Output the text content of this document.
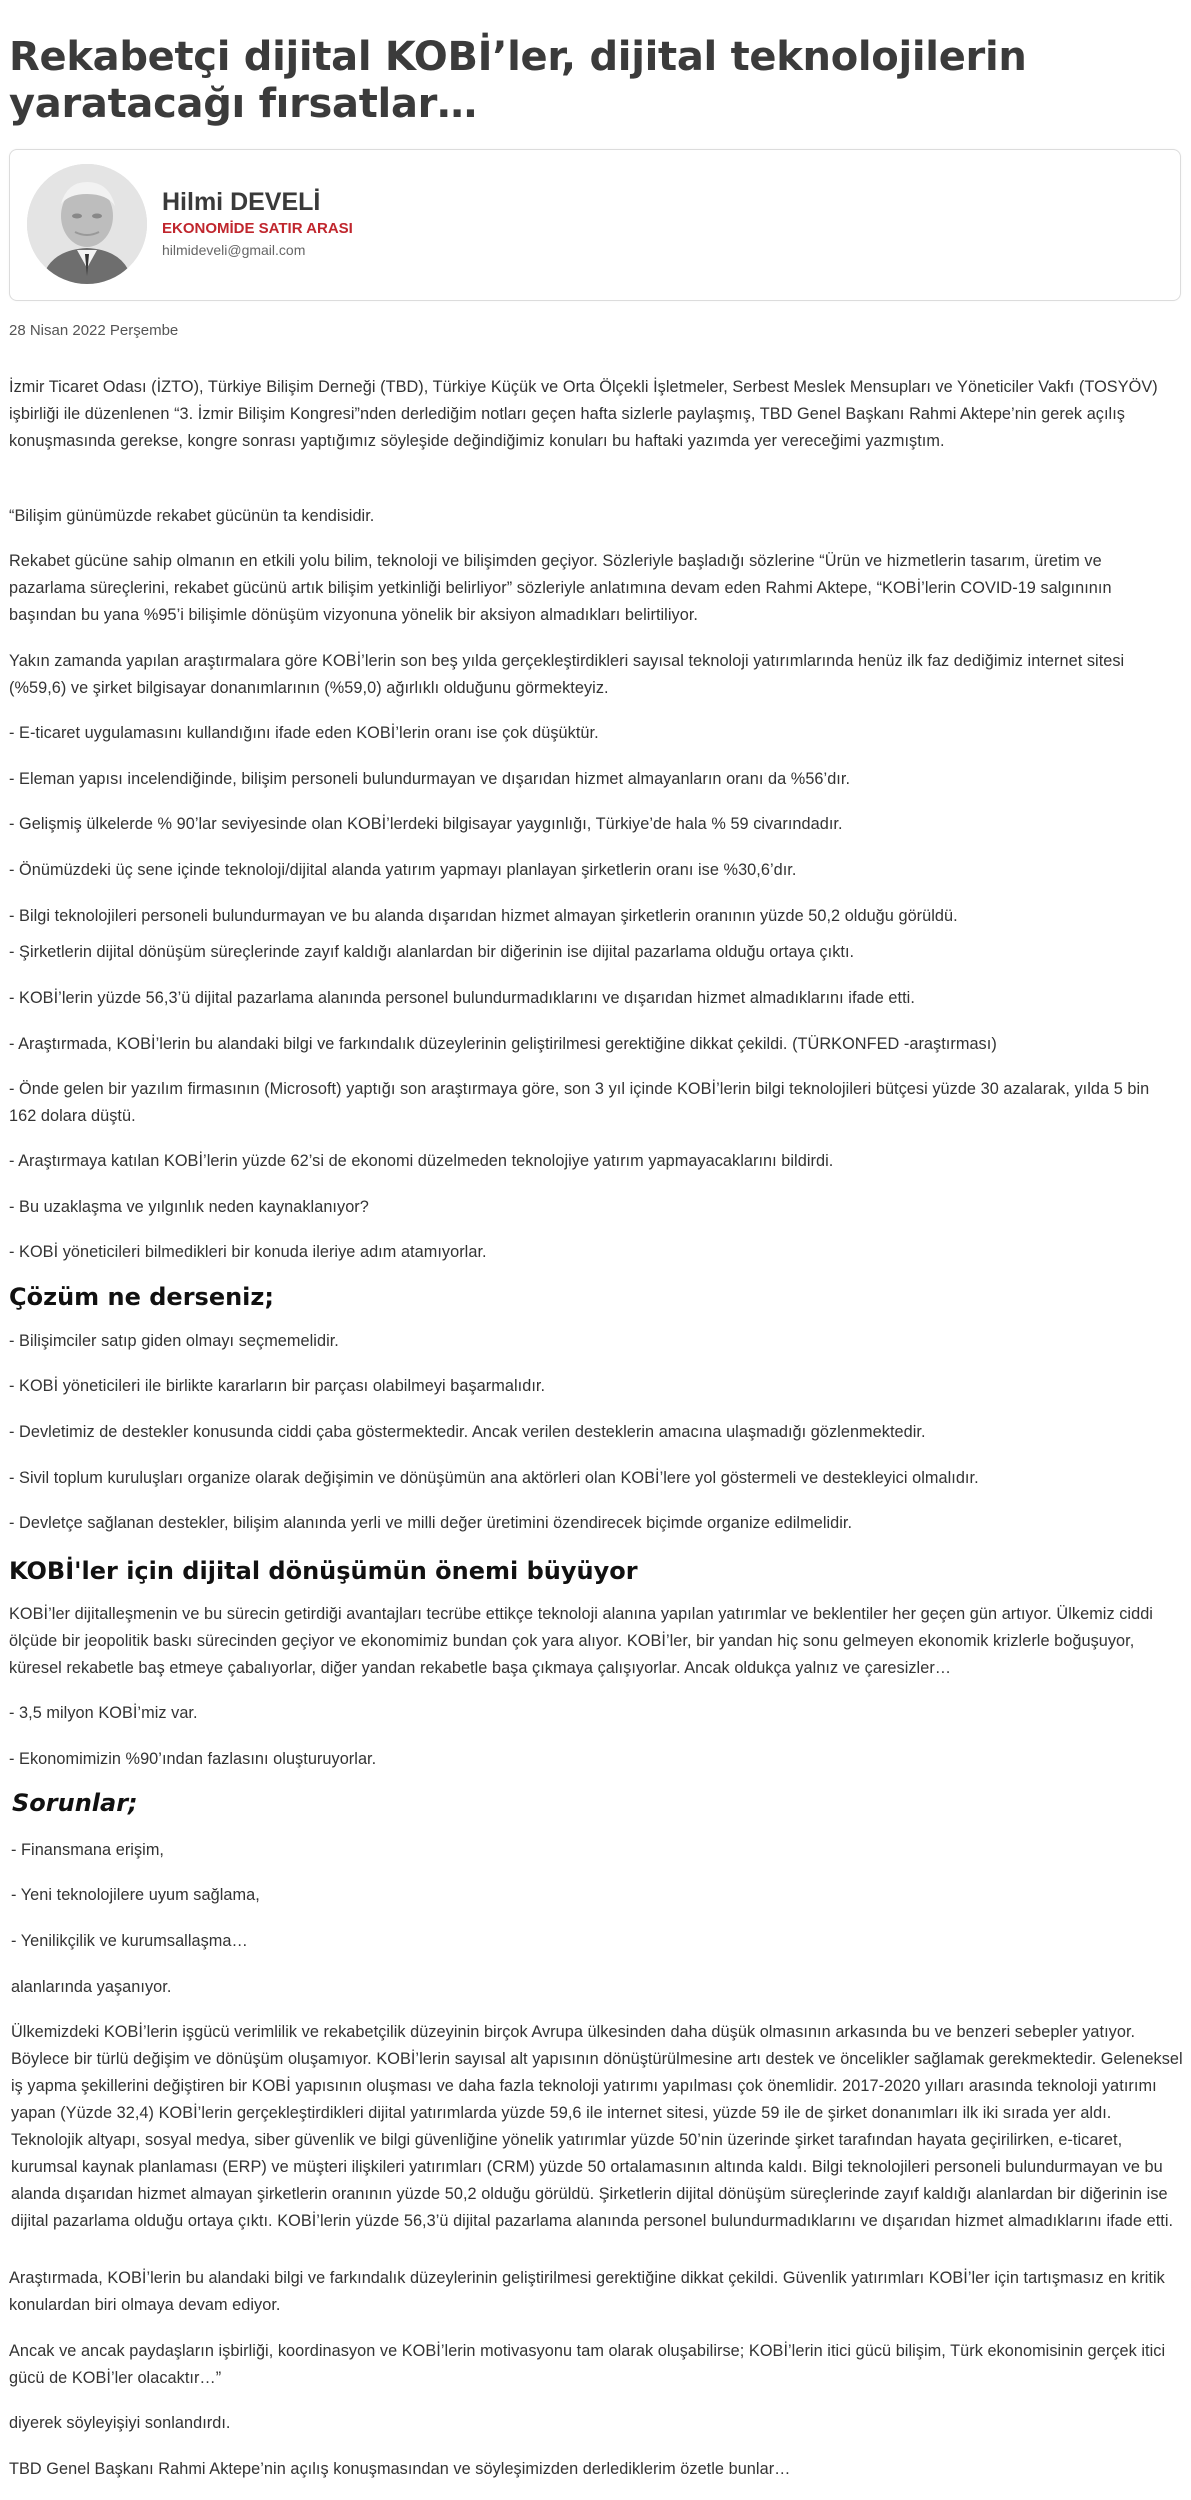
Rekabetçi dijital KOBİ’ler, dijital teknolojilerin yaratacağı fırsatlar…
Hilmi DEVELİ
EKONOMİDE SATIR ARASI
hilmideveli@gmail.com
28 Nisan 2022 Perşembe

İzmir Ticaret Odası (İZTO), Türkiye Bilişim Derneği (TBD), Türkiye Küçük ve Orta Ölçekli İşletmeler, Serbest Meslek Mensupları ve Yöneticiler Vakfı (TOSYÖV) işbirliği ile düzenlenen “3. İzmir Bilişim Kongresi”nden derlediğim notları geçen hafta sizlerle paylaşmış, TBD Genel Başkanı Rahmi Aktepe’nin gerek açılış konuşmasında gerekse, kongre sonrası yaptığımız söyleşide değindiğimiz konuları bu haftaki yazımda yer vereceğimi yazmıştım.

“Bilişim günümüzde rekabet gücünün ta kendisidir.

Rekabet gücüne sahip olmanın en etkili yolu bilim, teknoloji ve bilişimden geçiyor. Sözleriyle başladığı sözlerine “Ürün ve hizmetlerin tasarım, üretim ve pazarlama süreçlerini, rekabet gücünü artık bilişim yetkinliği belirliyor” sözleriyle anlatımına devam eden Rahmi Aktepe, “KOBİ’lerin COVID-19 salgınının başından bu yana %95’i bilişimle dönüşüm vizyonuna yönelik bir aksiyon almadıkları belirtiliyor.

Yakın zamanda yapılan araştırmalara göre KOBİ’lerin son beş yılda gerçekleştirdikleri sayısal teknoloji yatırımlarında henüz ilk faz dediğimiz internet sitesi (%59,6) ve şirket bilgisayar donanımlarının (%59,0) ağırlıklı olduğunu görmekteyiz.

- E-ticaret uygulamasını kullandığını ifade eden KOBİ’lerin oranı ise çok düşüktür.

- Eleman yapısı incelendiğinde, bilişim personeli bulundurmayan ve dışarıdan hizmet almayanların oranı da %56’dır.

- Gelişmiş ülkelerde % 90’lar seviyesinde olan KOBİ’lerdeki bilgisayar yaygınlığı, Türkiye’de hala % 59 civarındadır.

- Önümüzdeki üç sene içinde teknoloji/dijital alanda yatırım yapmayı planlayan şirketlerin oranı ise %30,6’dır.

- Bilgi teknolojileri personeli bulundurmayan ve bu alanda dışarıdan hizmet almayan şirketlerin oranının yüzde 50,2 olduğu görüldü.

- Şirketlerin dijital dönüşüm süreçlerinde zayıf kaldığı alanlardan bir diğerinin ise dijital pazarlama olduğu ortaya çıktı.

- KOBİ’lerin yüzde 56,3’ü dijital pazarlama alanında personel bulundurmadıklarını ve dışarıdan hizmet almadıklarını ifade etti.

- Araştırmada, KOBİ’lerin bu alandaki bilgi ve farkındalık düzeylerinin geliştirilmesi gerektiğine dikkat çekildi. (TÜRKONFED -araştırması)

- Önde gelen bir yazılım firmasının (Microsoft) yaptığı son araştırmaya göre, son 3 yıl içinde KOBİ’lerin bilgi teknolojileri bütçesi yüzde 30 azalarak, yılda 5 bin 162 dolara düştü.

- Araştırmaya katılan KOBİ’lerin yüzde 62’si de ekonomi düzelmeden teknolojiye yatırım yapmayacaklarını bildirdi.

- Bu uzaklaşma ve yılgınlık neden kaynaklanıyor?

- KOBİ yöneticileri bilmedikleri bir konuda ileriye adım atamıyorlar.

Çözüm ne derseniz;

- Bilişimciler satıp giden olmayı seçmemelidir.

- KOBİ yöneticileri ile birlikte kararların bir parçası olabilmeyi başarmalıdır.

- Devletimiz de destekler konusunda ciddi çaba göstermektedir. Ancak verilen desteklerin amacına ulaşmadığı gözlenmektedir.

- Sivil toplum kuruluşları organize olarak değişimin ve dönüşümün ana aktörleri olan KOBİ’lere yol göstermeli ve destekleyici olmalıdır.

- Devletçe sağlanan destekler, bilişim alanında yerli ve milli değer üretimini özendirecek biçimde organize edilmelidir.

KOBİ'ler için dijital dönüşümün önemi büyüyor

KOBİ’ler dijitalleşmenin ve bu sürecin getirdiği avantajları tecrübe ettikçe teknoloji alanına yapılan yatırımlar ve beklentiler her geçen gün artıyor. Ülkemiz ciddi ölçüde bir jeopolitik baskı sürecinden geçiyor ve ekonomimiz bundan çok yara alıyor. KOBİ’ler, bir yandan hiç sonu gelmeyen ekonomik krizlerle boğuşuyor, küresel rekabetle baş etmeye çabalıyorlar, diğer yandan rekabetle başa çıkmaya çalışıyorlar. Ancak oldukça yalnız ve çaresizler…

- 3,5 milyon KOBİ’miz var.

- Ekonomimizin %90’ından fazlasını oluşturuyorlar.

Sorunlar;

- Finansmana erişim,

- Yeni teknolojilere uyum sağlama,

- Yenilikçilik ve kurumsallaşma…

alanlarında yaşanıyor.

Ülkemizdeki KOBİ’lerin işgücü verimlilik ve rekabetçilik düzeyinin birçok Avrupa ülkesinden daha düşük olmasının arkasında bu ve benzeri sebepler yatıyor. Böylece bir türlü değişim ve dönüşüm oluşamıyor. KOBİ’lerin sayısal alt yapısının dönüştürülmesine artı destek ve öncelikler sağlamak gerekmektedir. Geleneksel iş yapma şekillerini değiştiren bir KOBİ yapısının oluşması ve daha fazla teknoloji yatırımı yapılması çok önemlidir. 2017-2020 yılları arasında teknoloji yatırımı yapan (Yüzde 32,4) KOBİ’lerin gerçekleştirdikleri dijital yatırımlarda yüzde 59,6 ile internet sitesi, yüzde 59 ile de şirket donanımları ilk iki sırada yer aldı. Teknolojik altyapı, sosyal medya, siber güvenlik ve bilgi güvenliğine yönelik yatırımlar yüzde 50’nin üzerinde şirket tarafından hayata geçirilirken, e-ticaret, kurumsal kaynak planlaması (ERP) ve müşteri ilişkileri yatırımları (CRM) yüzde 50 ortalamasının altında kaldı. Bilgi teknolojileri personeli bulundurmayan ve bu alanda dışarıdan hizmet almayan şirketlerin oranının yüzde 50,2 olduğu görüldü. Şirketlerin dijital dönüşüm süreçlerinde zayıf kaldığı alanlardan bir diğerinin ise dijital pazarlama olduğu ortaya çıktı. KOBİ’lerin yüzde 56,3’ü dijital pazarlama alanında personel bulundurmadıklarını ve dışarıdan hizmet almadıklarını ifade etti.

Araştırmada, KOBİ’lerin bu alandaki bilgi ve farkındalık düzeylerinin geliştirilmesi gerektiğine dikkat çekildi. Güvenlik yatırımları KOBİ’ler için tartışmasız en kritik konulardan biri olmaya devam ediyor.

Ancak ve ancak paydaşların işbirliği, koordinasyon ve KOBİ’lerin motivasyonu tam olarak oluşabilirse; KOBİ’lerin itici gücü bilişim, Türk ekonomisinin gerçek itici gücü de KOBİ’ler olacaktır…”

diyerek söyleyişiyi sonlandırdı.

TBD Genel Başkanı Rahmi Aktepe’nin açılış konuşmasından ve söyleşimizden derlediklerim özetle bunlar…
